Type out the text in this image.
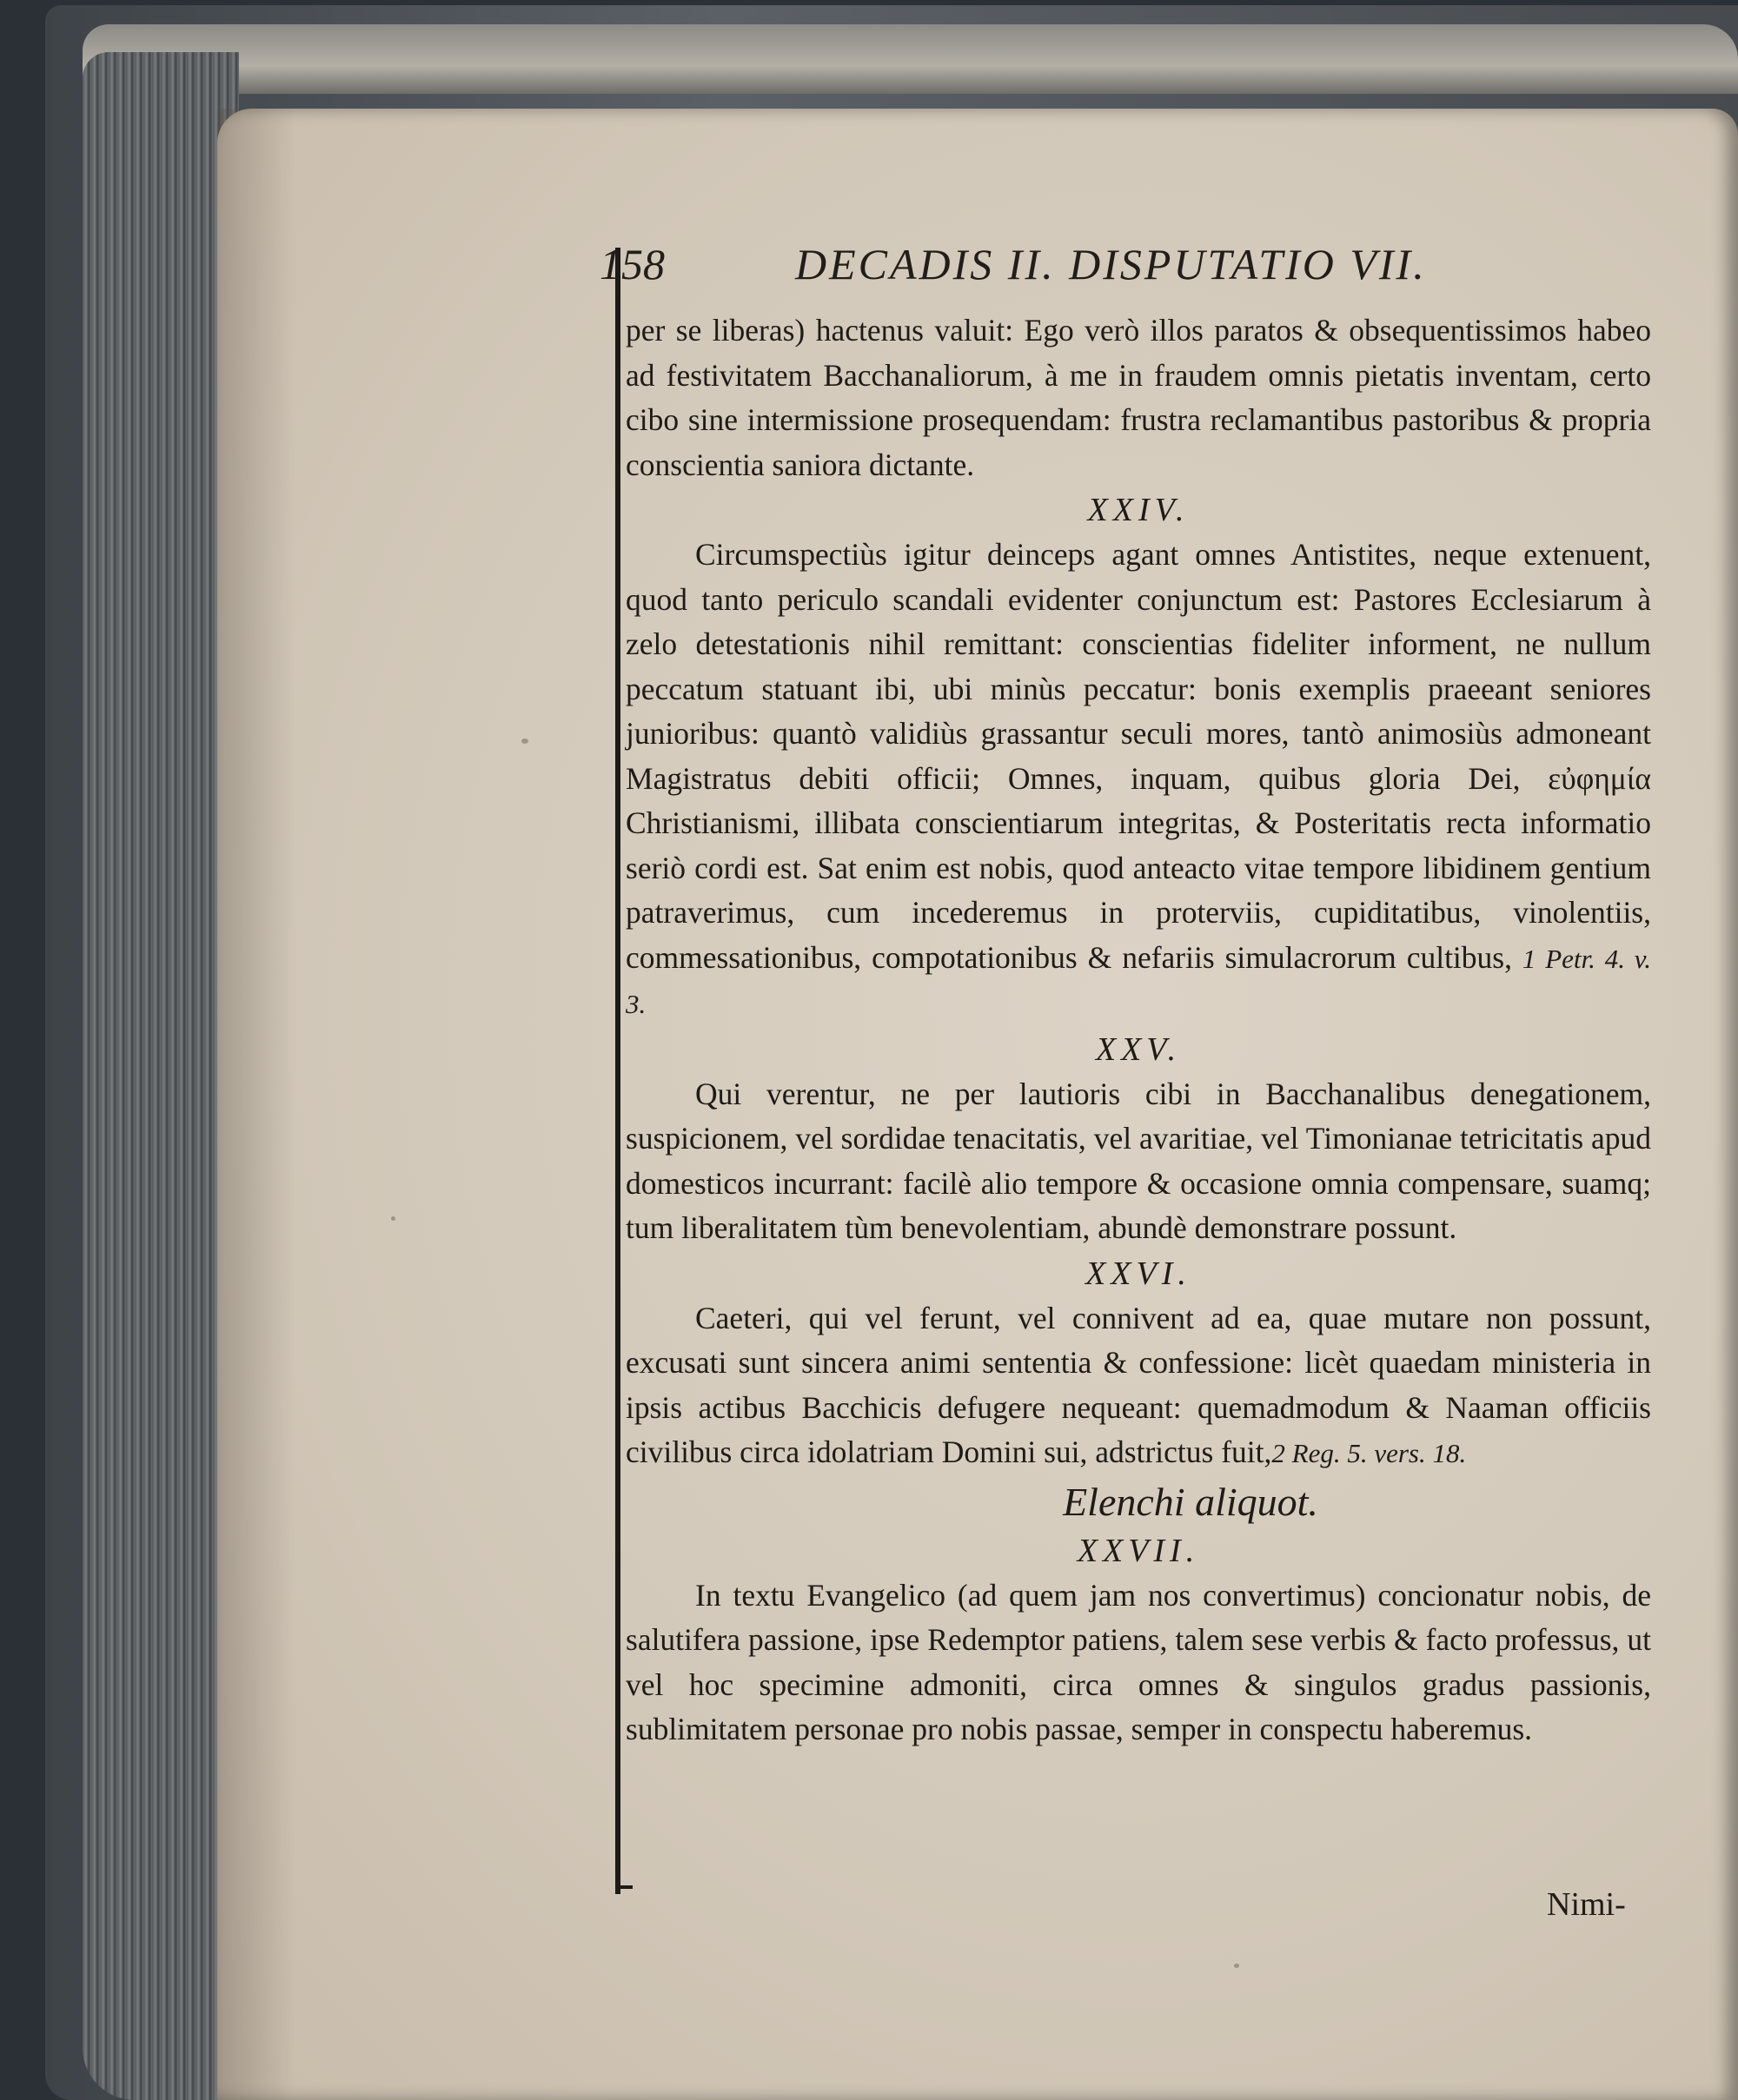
158	DECADIS II. DISPUTATIO VII.

per se liberas) hactenus valuit: Ego verò illos paratos & obsequentissimos habeo ad festivitatem Bacchanaliorum, à me in fraudem omnis pietatis inventam, certo cibo sine intermissione prosequendam: frustra reclamantibus pastoribus & propria conscientia saniora dictante.

XXIV.

Circumspectiùs igitur deinceps agant omnes Antistites, neque extenuent, quod tanto periculo scandali evidenter conjunctum est: Pastores Ecclesiarum à zelo detestationis nihil remittant: conscientias fideliter informent, ne nullum peccatum statuant ibi, ubi minùs peccatur: bonis exemplis praeeant seniores junioribus: quantò validiùs grassantur seculi mores, tantò animosiùs admoneant Magistratus debiti officii; Omnes, inquam, quibus gloria Dei, εὐφημία Christianismi, illibata conscientiarum integritas, & Posteritatis recta informatio seriò cordi est. Sat enim est nobis, quod anteacto vitae tempore libidinem gentium patraverimus, cum incederemus in proterviis, cupiditatibus, vinolentiis, commessationibus, compotationibus & nefariis simulacrorum cultibus, 1 Petr. 4. v. 3.

XXV.

Qui verentur, ne per lautioris cibi in Bacchanalibus denegationem, suspicionem, vel sordidae tenacitatis, vel avaritiae, vel Timonianae tetricitatis apud domesticos incurrant: facilè alio tempore & occasione omnia compensare, suamq; tum liberalitatem tùm benevolentiam, abundè demonstrare possunt.

XXVI.

Caeteri, qui vel ferunt, vel connivent ad ea, quae mutare non possunt, excusati sunt sincera animi sententia & confessione: licèt quaedam ministeria in ipsis actibus Bacchicis defugere nequeant: quemadmodum & Naaman officiis civilibus circa idolatriam Domini sui, adstrictus fuit,2 Reg. 5. vers. 18.

Elenchi aliquot.
XXVII.

In textu Evangelico (ad quem jam nos convertimus) concionatur nobis, de salutifera passione, ipse Redemptor patiens, talem sese verbis & facto professus, ut vel hoc specimine admoniti, circa omnes & singulos gradus passionis, sublimitatem personae pro nobis passae, semper in conspectu haberemus.

Nimi-
